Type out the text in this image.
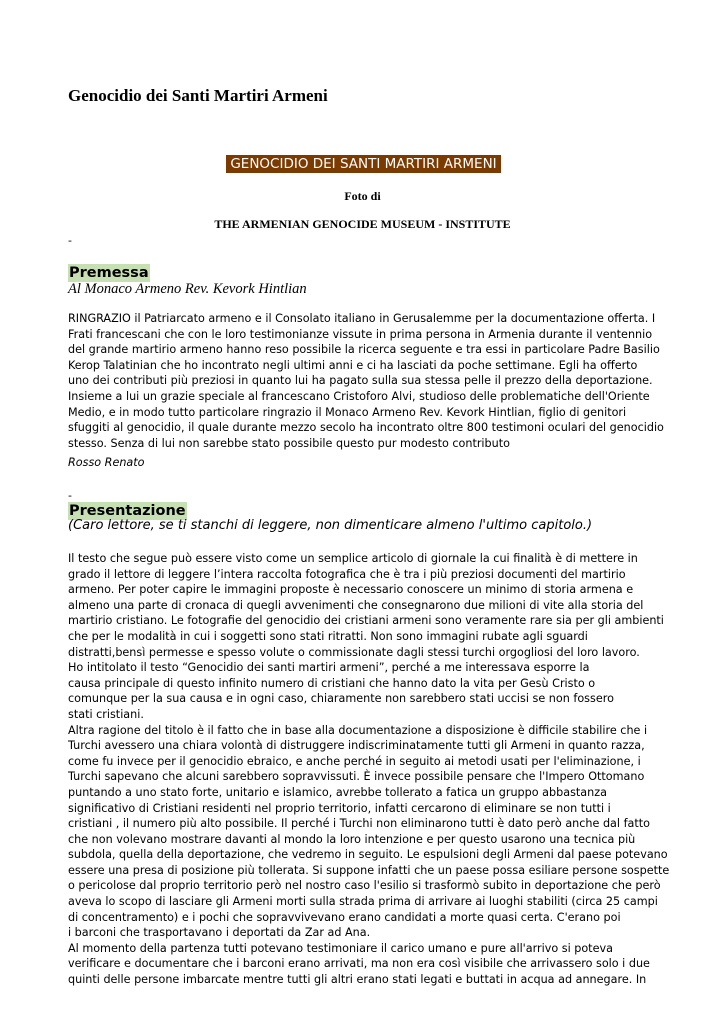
Genocidio dei Santi Martiri Armeni
GENOCIDIO DEI SANTI MARTIRI ARMENI
Foto di
THE ARMENIAN GENOCIDE MUSEUM - INSTITUTE
-
Premessa
Al Monaco Armeno Rev. Kevork Hintlian
RINGRAZIO il Patriarcato armeno e il Consolato italiano in Gerusalemme per la documentazione offerta. I
Frati francescani che con le loro testimonianze vissute in prima persona in Armenia durante il ventennio
del grande martirio armeno hanno reso possibile la ricerca seguente e tra essi in particolare Padre Basilio
Kerop Talatinian che ho incontrato negli ultimi anni e ci ha lasciati da poche settimane. Egli ha offerto
uno dei contributi più preziosi in quanto lui ha pagato sulla sua stessa pelle il prezzo della deportazione.
Insieme a lui un grazie speciale al francescano Cristoforo Alvi, studioso delle problematiche dell'Oriente
Medio, e in modo tutto particolare ringrazio il Monaco Armeno Rev. Kevork Hintlian, figlio di genitori
sfuggiti al genocidio, il quale durante mezzo secolo ha incontrato oltre 800 testimoni oculari del genocidio
stesso. Senza di lui non sarebbe stato possibile questo pur modesto contributo
Rosso Renato
-
Presentazione
(Caro lettore, se ti stanchi di leggere, non dimenticare almeno l'ultimo capitolo.)
Il testo che segue può essere visto come un semplice articolo di giornale la cui finalità è di mettere in
grado il lettore di leggere l’intera raccolta fotografica che è tra i più preziosi documenti del martirio
armeno. Per poter capire le immagini proposte è necessario conoscere un minimo di storia armena e
almeno una parte di cronaca di quegli avvenimenti che consegnarono due milioni di vite alla storia del
martirio cristiano. Le fotografie del genocidio dei cristiani armeni sono veramente rare sia per gli ambienti
che per le modalità in cui i soggetti sono stati ritratti. Non sono immagini rubate agli sguardi
distratti,bensì permesse e spesso volute o commissionate dagli stessi turchi orgogliosi del loro lavoro.
Ho intitolato il testo “Genocidio dei santi martiri armeni”, perché a me interessava esporre la
causa principale di questo infinito numero di cristiani che hanno dato la vita per Gesù Cristo o
comunque per la sua causa e in ogni caso, chiaramente non sarebbero stati uccisi se non fossero
stati cristiani.
Altra ragione del titolo è il fatto che in base alla documentazione a disposizione è difficile stabilire che i
Turchi avessero una chiara volontà di distruggere indiscriminatamente tutti gli Armeni in quanto razza,
come fu invece per il genocidio ebraico, e anche perché in seguito ai metodi usati per l'eliminazione, i
Turchi sapevano che alcuni sarebbero sopravvissuti. È invece possibile pensare che l'Impero Ottomano
puntando a uno stato forte, unitario e islamico, avrebbe tollerato a fatica un gruppo abbastanza
significativo di Cristiani residenti nel proprio territorio, infatti cercarono di eliminare se non tutti i
cristiani , il numero più alto possibile. Il perché i Turchi non eliminarono tutti è dato però anche dal fatto
che non volevano mostrare davanti al mondo la loro intenzione e per questo usarono una tecnica più
subdola, quella della deportazione, che vedremo in seguito. Le espulsioni degli Armeni dal paese potevano
essere una presa di posizione più tollerata. Si suppone infatti che un paese possa esiliare persone sospette
o pericolose dal proprio territorio però nel nostro caso l'esilio si trasformò subito in deportazione che però
aveva lo scopo di lasciare gli Armeni morti sulla strada prima di arrivare ai luoghi stabiliti (circa 25 campi
di concentramento) e i pochi che sopravvivevano erano candidati a morte quasi certa. C'erano poi
i barconi che trasportavano i deportati da Zar ad Ana.
Al momento della partenza tutti potevano testimoniare il carico umano e pure all'arrivo si poteva
verificare e documentare che i barconi erano arrivati, ma non era così visibile che arrivassero solo i due
quinti delle persone imbarcate mentre tutti gli altri erano stati legati e buttati in acqua ad annegare. In
